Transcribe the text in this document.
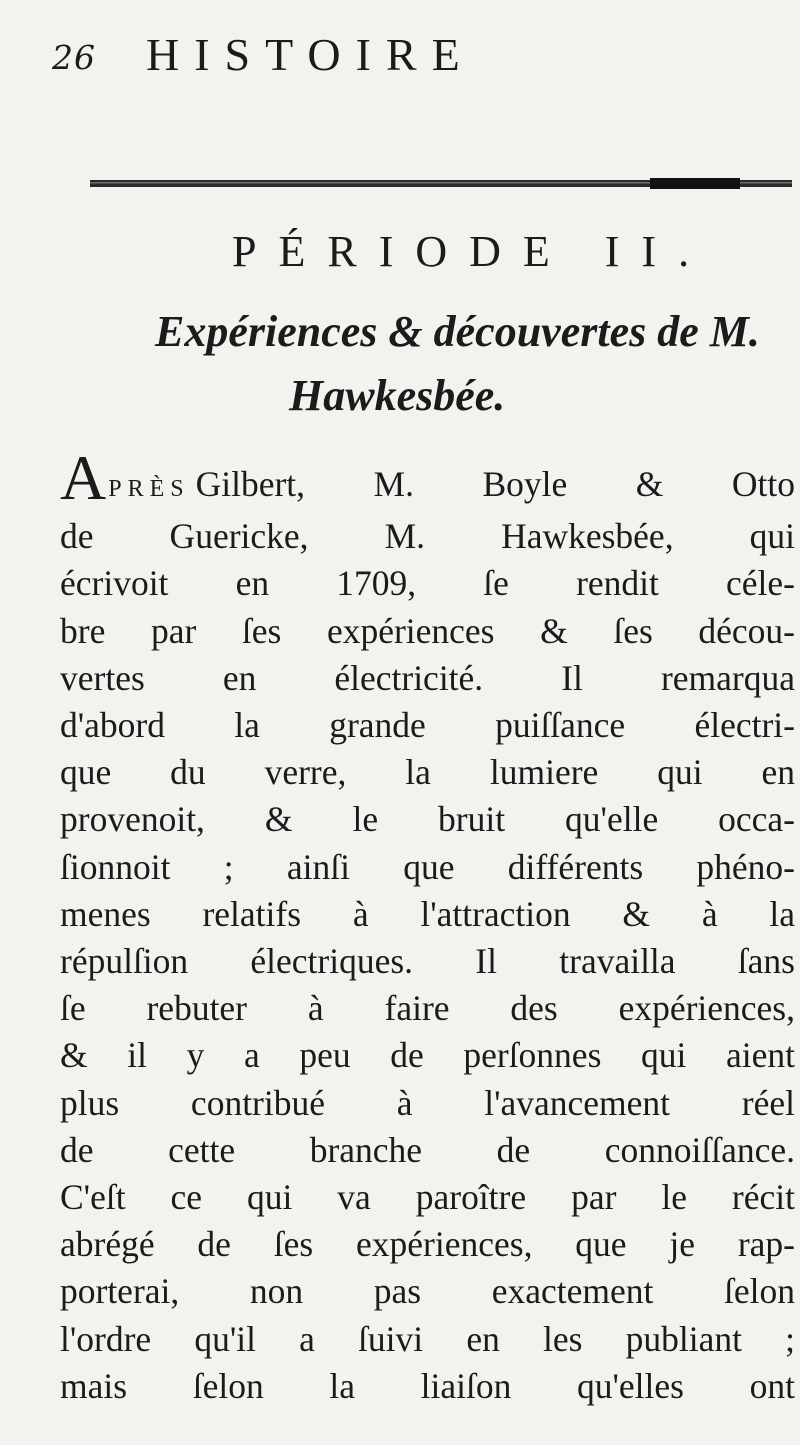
26 HISTOIRE
PÉRIODE II.
Expériences & découvertes de M.
Hawkesbée.
APRÈS Gilbert, M. Boyle & Otto
de Guericke, M. Hawkesbée, qui
écrivoit en 1709, ſe rendit céle-
bre par ſes expériences & ſes décou-
vertes en électricité. Il remarqua
d'abord la grande puiſſance électri-
que du verre, la lumiere qui en
provenoit, & le bruit qu'elle occa-
ſionnoit ; ainſi que différents phéno-
menes relatifs à l'attraction & à la
répulſion électriques. Il travailla ſans
ſe rebuter à faire des expériences,
& il y a peu de perſonnes qui aient
plus contribué à l'avancement réel
de cette branche de connoiſſance.
C'eſt ce qui va paroître par le récit
abrégé de ſes expériences, que je rap-
porterai, non pas exactement ſelon
l'ordre qu'il a ſuivi en les publiant ;
mais ſelon la liaiſon qu'elles ont
